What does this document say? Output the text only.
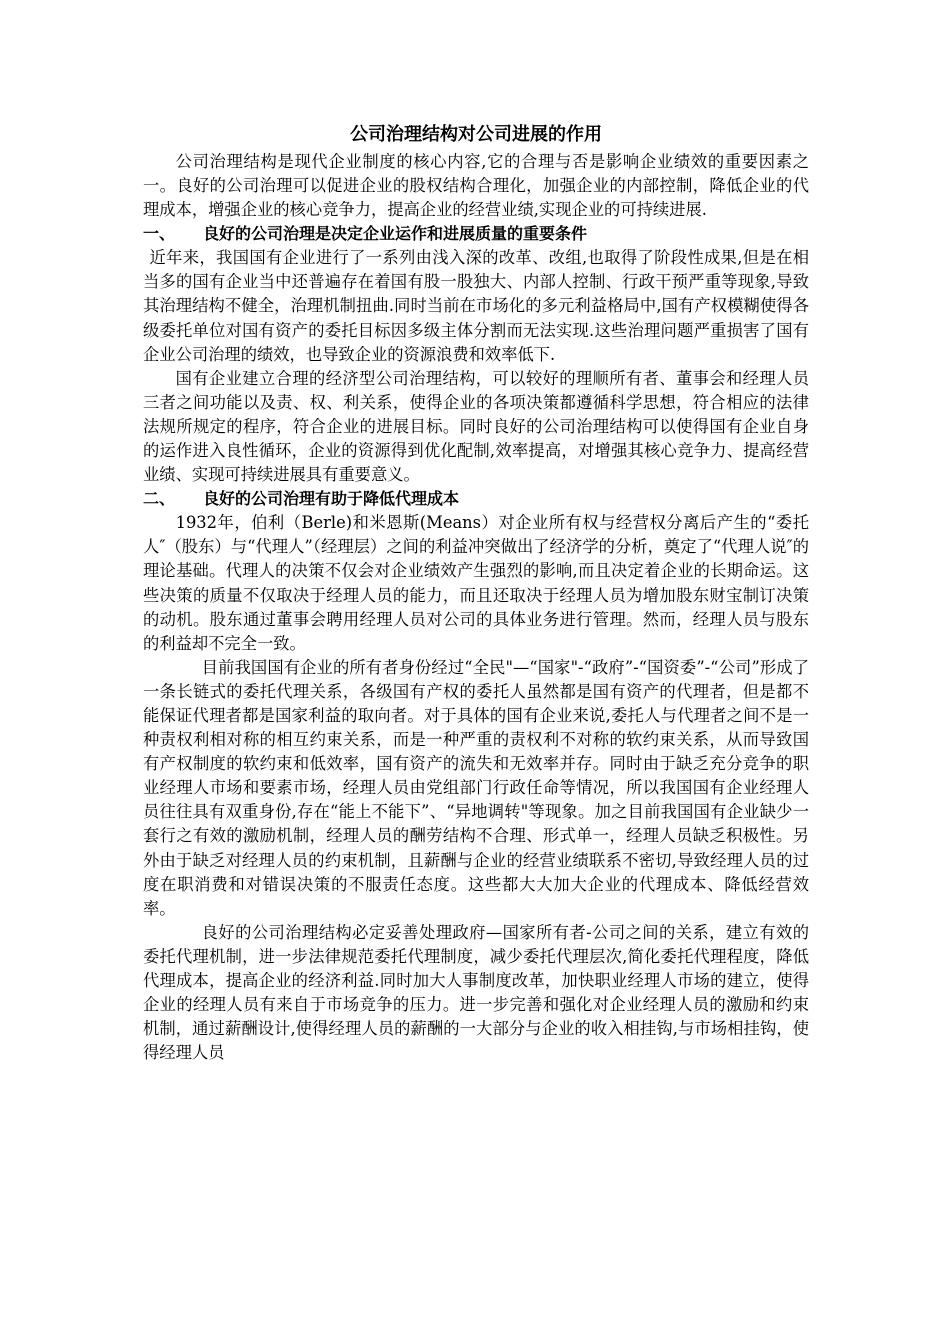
公司治理结构对公司进展的作用

公司治理结构是现代企业制度的核心内容,它的合理与否是影响企业绩效的重要因素之一。良好的公司治理可以促进企业的股权结构合理化，加强企业的内部控制，降低企业的代理成本，增强企业的核心竞争力，提高企业的经营业绩,实现企业的可持续进展.

一、	良好的公司治理是决定企业运作和进展质量的重要条件

近年来，我国国有企业进行了一系列由浅入深的改革、改组,也取得了阶段性成果,但是在相当多的国有企业当中还普遍存在着国有股一股独大、内部人控制、行政干预严重等现象,导致其治理结构不健全，治理机制扭曲.同时当前在市场化的多元利益格局中,国有产权模糊使得各级委托单位对国有资产的委托目标因多级主体分割而无法实现.这些治理问题严重损害了国有企业公司治理的绩效，也导致企业的资源浪费和效率低下.

国有企业建立合理的经济型公司治理结构，可以较好的理顺所有者、董事会和经理人员三者之间功能以及责、权、利关系，使得企业的各项决策都遵循科学思想，符合相应的法律法规所规定的程序，符合企业的进展目标。同时良好的公司治理结构可以使得国有企业自身的运作进入良性循环，企业的资源得到优化配制,效率提高，对增强其核心竞争力、提高经营业绩、实现可持续进展具有重要意义。

二、	良好的公司治理有助于降低代理成本

1932年，伯利（Berle)和米恩斯(Means）对企业所有权与经营权分离后产生的“委托人″（股东）与“代理人”（经理层）之间的利益冲突做出了经济学的分析，奠定了“代理人说″的理论基础。代理人的决策不仅会对企业绩效产生强烈的影响,而且决定着企业的长期命运。这些决策的质量不仅取决于经理人员的能力，而且还取决于经理人员为增加股东财宝制订决策的动机。股东通过董事会聘用经理人员对公司的具体业务进行管理。然而，经理人员与股东的利益却不完全一致。

目前我国国有企业的所有者身份经过“全民"—“国家"-“政府”-“国资委”-“公司”形成了一条长链式的委托代理关系，各级国有产权的委托人虽然都是国有资产的代理者，但是都不能保证代理者都是国家利益的取向者。对于具体的国有企业来说,委托人与代理者之间不是一种责权利相对称的相互约束关系，而是一种严重的责权利不对称的软约束关系，从而导致国有产权制度的软约束和低效率，国有资产的流失和无效率并存。同时由于缺乏充分竞争的职业经理人市场和要素市场，经理人员由党组部门行政任命等情况，所以我国国有企业经理人员往往具有双重身份,存在“能上不能下”、“异地调转"等现象。加之目前我国国有企业缺少一套行之有效的激励机制，经理人员的酬劳结构不合理、形式单一，经理人员缺乏积极性。另外由于缺乏对经理人员的约束机制，且薪酬与企业的经营业绩联系不密切,导致经理人员的过度在职消费和对错误决策的不服责任态度。这些都大大加大企业的代理成本、降低经营效率。

良好的公司治理结构必定妥善处理政府—国家所有者-公司之间的关系，建立有效的委托代理机制，进一步法律规范委托代理制度，减少委托代理层次,简化委托代理程度，降低代理成本，提高企业的经济利益.同时加大人事制度改革，加快职业经理人市场的建立，使得企业的经理人员有来自于市场竞争的压力。进一步完善和强化对企业经理人员的激励和约束机制，通过薪酬设计,使得经理人员的薪酬的一大部分与企业的收入相挂钩,与市场相挂钩，使得经理人员
